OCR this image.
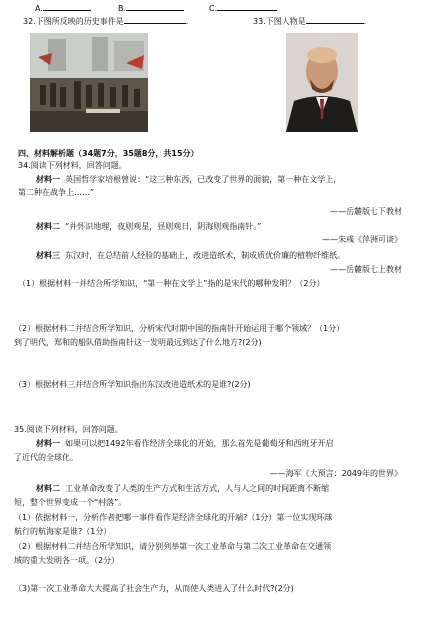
A.	B.	C.
32.下图所反映的历史事件是	.	33.下图人物是	.
四、材料解析题（34题7分，35题8分，共15分）
34.阅读下列材料，回答问题。
材料一 英国哲学家培根曾说：“这三种东西，已改变了世界的面貌，第一种在文学上，
第二种在战争上……”
——岳麓版七下教材
材料二 “并怀识地理，夜则观星，昼则观日，阴海则观指南针。”
——朱彧《萍洲可谈》
材料三 东汉时，在总结前人经验的基础上，改进造纸术，制成质优价廉的植物纤维纸。
——岳麓版七上教材
（1）根据材料一并结合所学知识，“第一种在文学上”指的是宋代的哪种发明？（2分）
（2）根据材料二并结合所学知识，分析宋代时期中国的指南针开始运用于哪个领域？（1分）
到了明代，郑和的船队借助指南针这一发明最远到达了什么地方?(2分)
（3）根据材料三并结合所学知识指出东汉改进造纸术的是谁?(2分)
35.阅读下列材料，回答问题。
材料一 如果可以把1492年看作经济全球化的开始，那么首先是葡萄牙和西班牙开启
了近代的全球化。
——海军《大预言：2049年的世界》
材料二 工业革命改变了人类的生产方式和生活方式，人与人之间的时间距离不断缩
短，整个世界变成一个“村落”。
（1）依据材料一，分析作者把哪一事件看作是经济全球化的开端?（1分）第一位实现环球
航行的航海家是谁?（1分）
（2）根据材料二并结合所学知识，请分别列举第一次工业革命与第二次工业革命在交通领
域的重大发明各一项。（2分）
（3)第一次工业革命大大提高了社会生产力，从而使人类进入了什么时代?(2分)
